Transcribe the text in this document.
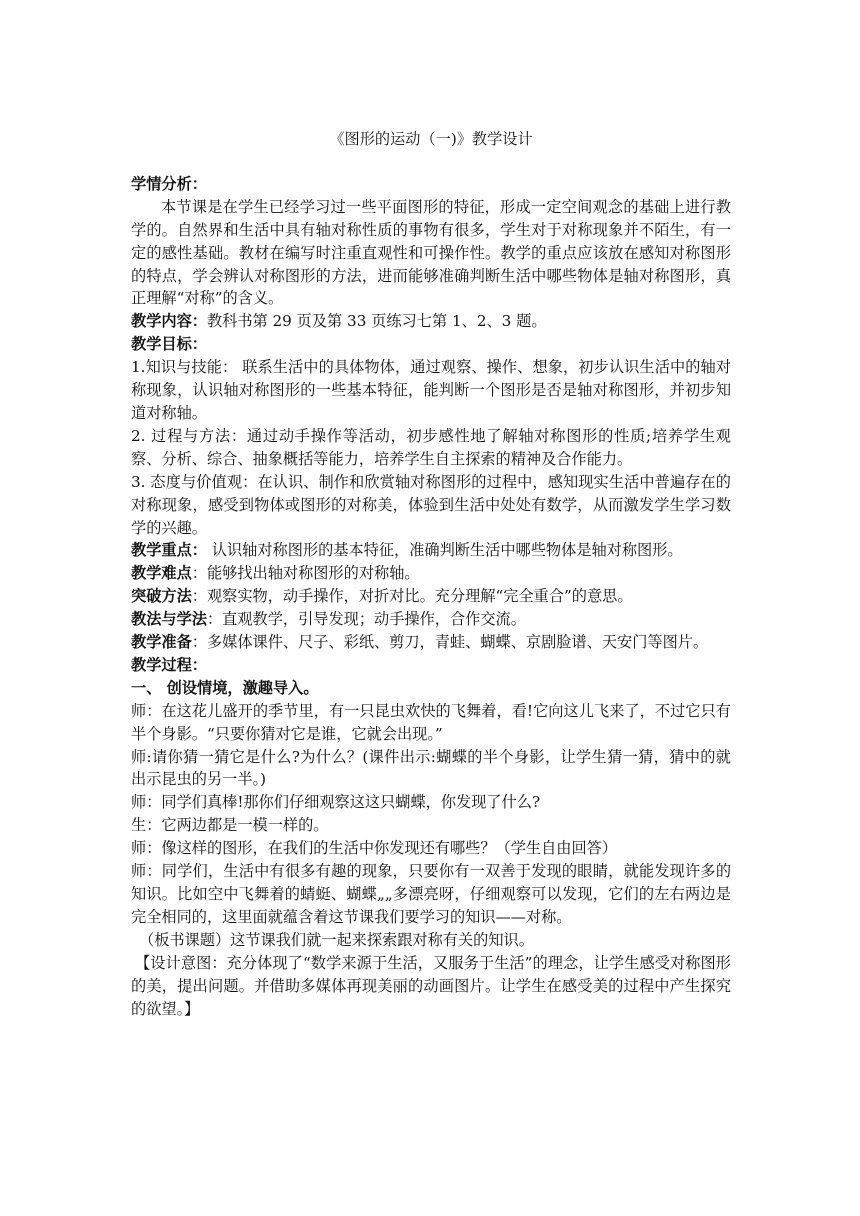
《图形的运动（一)》教学设计

学情分析：

本节课是在学生已经学习过一些平面图形的特征，形成一定空间观念的基础上进行教学的。自然界和生活中具有轴对称性质的事物有很多，学生对于对称现象并不陌生，有一定的感性基础。教材在编写时注重直观性和可操作性。教学的重点应该放在感知对称图形的特点，学会辨认对称图形的方法，进而能够准确判断生活中哪些物体是轴对称图形，真正理解“对称”的含义。

教学内容：教科书第 29 页及第 33 页练习七第 1、2、3 题。

教学目标：

1.知识与技能： 联系生活中的具体物体，通过观察、操作、想象，初步认识生活中的轴对称现象，认识轴对称图形的一些基本特征，能判断一个图形是否是轴对称图形，并初步知道对称轴。

2. 过程与方法：通过动手操作等活动，初步感性地了解轴对称图形的性质;培养学生观察、分析、综合、抽象概括等能力，培养学生自主探索的精神及合作能力。

3. 态度与价值观：在认识、制作和欣赏轴对称图形的过程中，感知现实生活中普遍存在的对称现象，感受到物体或图形的对称美，体验到生活中处处有数学，从而激发学生学习数学的兴趣。

教学重点： 认识轴对称图形的基本特征，准确判断生活中哪些物体是轴对称图形。

教学难点：能够找出轴对称图形的对称轴。

突破方法：观察实物，动手操作，对折对比。充分理解“完全重合”的意思。

教法与学法：直观教学，引导发现；动手操作，合作交流。

教学准备：多媒体课件、尺子、彩纸、剪刀，青蛙、蝴蝶、京剧脸谱、天安门等图片。

教学过程：

一、 创设情境，激趣导入。

师：在这花儿盛开的季节里，有一只昆虫欢快的飞舞着，看!它向这儿飞来了，不过它只有半个身影。“只要你猜对它是谁，它就会出现。”

师:请你猜一猜它是什么?为什么？(课件出示:蝴蝶的半个身影，让学生猜一猜，猜中的就出示昆虫的另一半。)

师：同学们真棒!那你们仔细观察这这只蝴蝶，你发现了什么?

生：它两边都是一模一样的。

师：像这样的图形，在我们的生活中你发现还有哪些？（学生自由回答）

师：同学们，生活中有很多有趣的现象，只要你有一双善于发现的眼睛，就能发现许多的知识。比如空中飞舞着的蜻蜓、蝴蝶„„多漂亮呀，仔细观察可以发现，它们的左右两边是完全相同的，这里面就蕴含着这节课我们要学习的知识——对称。

（板书课题）这节课我们就一起来探索跟对称有关的知识。

【设计意图：充分体现了“数学来源于生活，又服务于生活”的理念，让学生感受对称图形的美，提出问题。并借助多媒体再现美丽的动画图片。让学生在感受美的过程中产生探究的欲望。】
